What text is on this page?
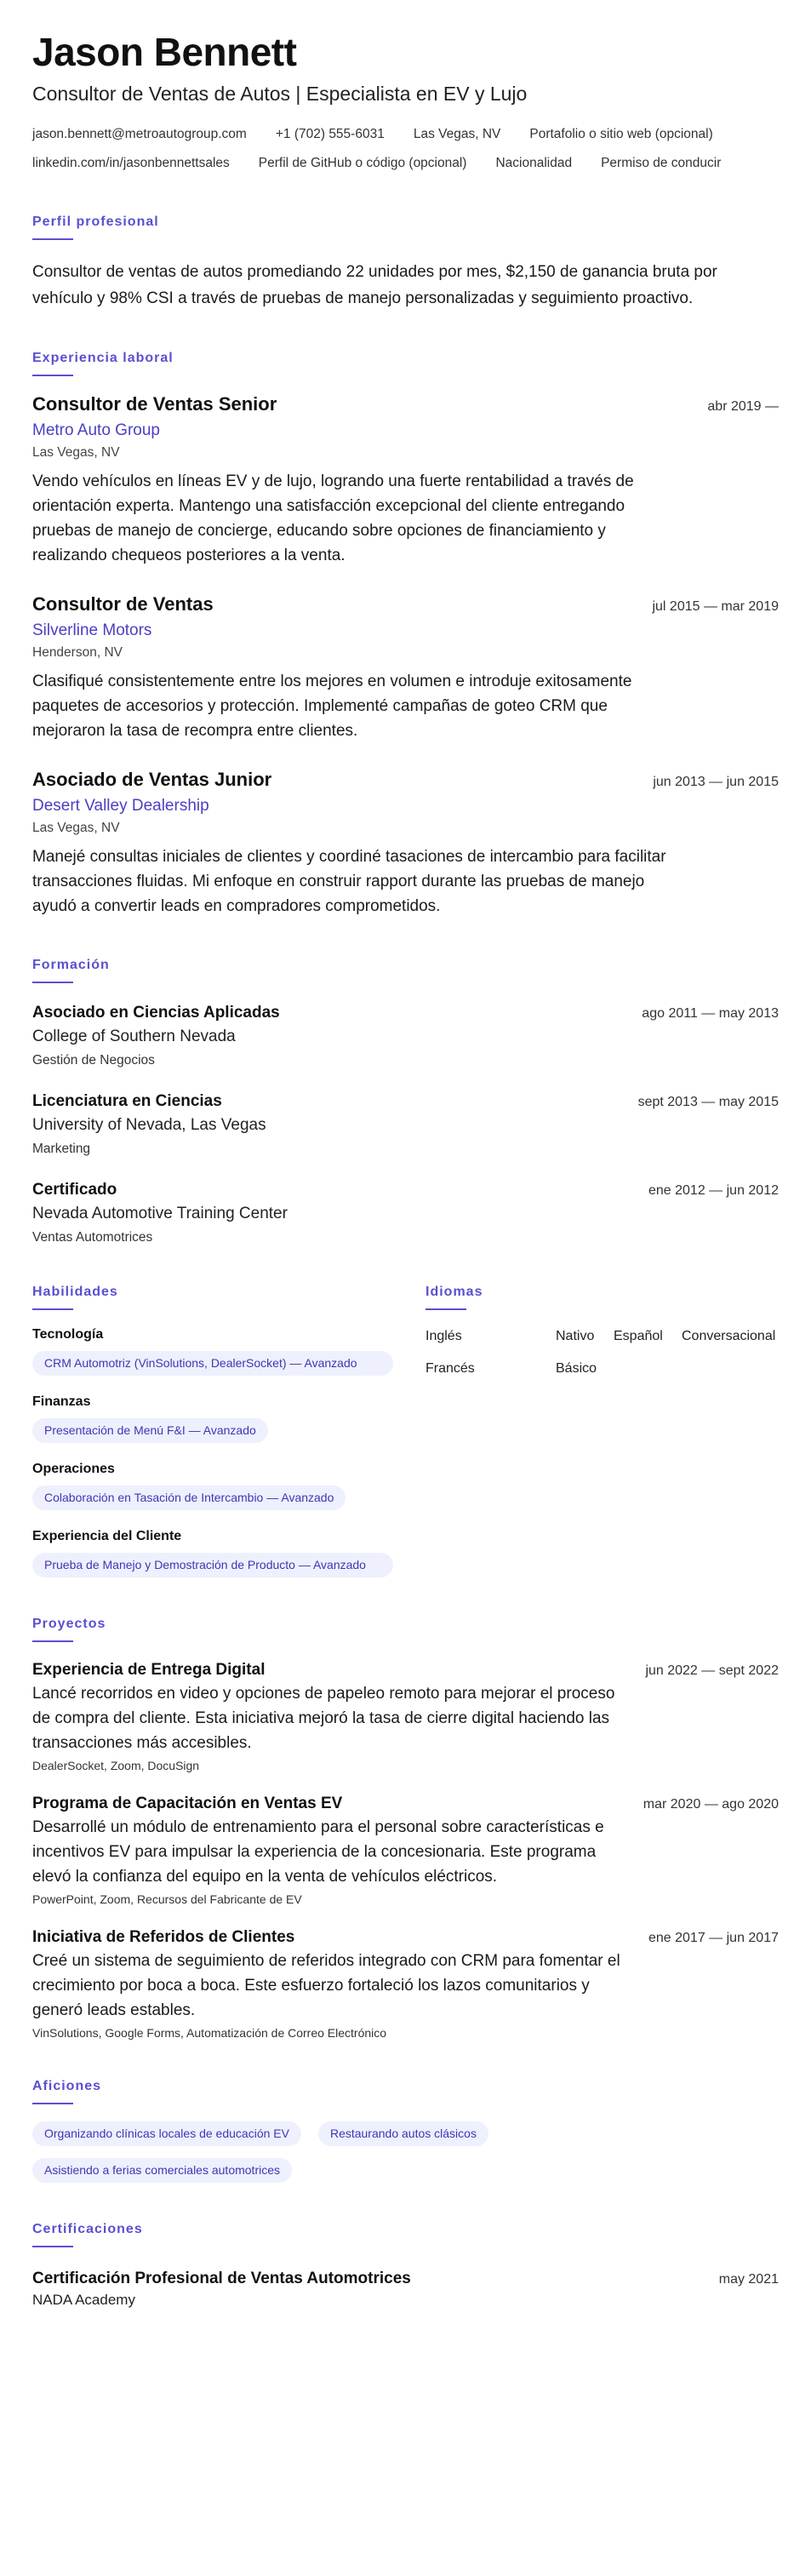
Jason Bennett
Consultor de Ventas de Autos | Especialista en EV y Lujo
jason.bennett@metroautogroup.com +1 (702) 555-6031 Las Vegas, NV Portafolio o sitio web (opcional)
linkedin.com/in/jasonbennettsales Perfil de GitHub o código (opcional) Nacionalidad Permiso de conducir
Perfil profesional
Consultor de ventas de autos promediando 22 unidades por mes, $2,150 de ganancia bruta por vehículo y 98% CSI a través de pruebas de manejo personalizadas y seguimiento proactivo.
Experiencia laboral
Consultor de Ventas Senior	abr 2019 —
Metro Auto Group
Las Vegas, NV
Vendo vehículos en líneas EV y de lujo, logrando una fuerte rentabilidad a través de orientación experta. Mantengo una satisfacción excepcional del cliente entregando pruebas de manejo de concierge, educando sobre opciones de financiamiento y realizando chequeos posteriores a la venta.
Consultor de Ventas	jul 2015 — mar 2019
Silverline Motors
Henderson, NV
Clasifiqué consistentemente entre los mejores en volumen e introduje exitosamente paquetes de accesorios y protección. Implementé campañas de goteo CRM que mejoraron la tasa de recompra entre clientes.
Asociado de Ventas Junior	jun 2013 — jun 2015
Desert Valley Dealership
Las Vegas, NV
Manejé consultas iniciales de clientes y coordiné tasaciones de intercambio para facilitar transacciones fluidas. Mi enfoque en construir rapport durante las pruebas de manejo ayudó a convertir leads en compradores comprometidos.
Formación
Asociado en Ciencias Aplicadas	ago 2011 — may 2013
College of Southern Nevada
Gestión de Negocios
Licenciatura en Ciencias	sept 2013 — may 2015
University of Nevada, Las Vegas
Marketing
Certificado	ene 2012 — jun 2012
Nevada Automotive Training Center
Ventas Automotrices
Habilidades
Tecnología
CRM Automotriz (VinSolutions, DealerSocket) — Avanzado
Finanzas
Presentación de Menú F&I — Avanzado
Operaciones
Colaboración en Tasación de Intercambio — Avanzado
Experiencia del Cliente
Prueba de Manejo y Demostración de Producto — Avanzado
Idiomas
Inglés	Nativo	Español	Conversacional
Francés	Básico
Proyectos
Experiencia de Entrega Digital	jun 2022 — sept 2022
Lancé recorridos en video y opciones de papeleo remoto para mejorar el proceso de compra del cliente. Esta iniciativa mejoró la tasa de cierre digital haciendo las transacciones más accesibles.
DealerSocket, Zoom, DocuSign
Programa de Capacitación en Ventas EV	mar 2020 — ago 2020
Desarrollé un módulo de entrenamiento para el personal sobre características e incentivos EV para impulsar la experiencia de la concesionaria. Este programa elevó la confianza del equipo en la venta de vehículos eléctricos.
PowerPoint, Zoom, Recursos del Fabricante de EV
Iniciativa de Referidos de Clientes	ene 2017 — jun 2017
Creé un sistema de seguimiento de referidos integrado con CRM para fomentar el crecimiento por boca a boca. Este esfuerzo fortaleció los lazos comunitarios y generó leads estables.
VinSolutions, Google Forms, Automatización de Correo Electrónico
Aficiones
Organizando clínicas locales de educación EV	Restaurando autos clásicos
Asistiendo a ferias comerciales automotrices
Certificaciones
Certificación Profesional de Ventas Automotrices	may 2021
NADA Academy
